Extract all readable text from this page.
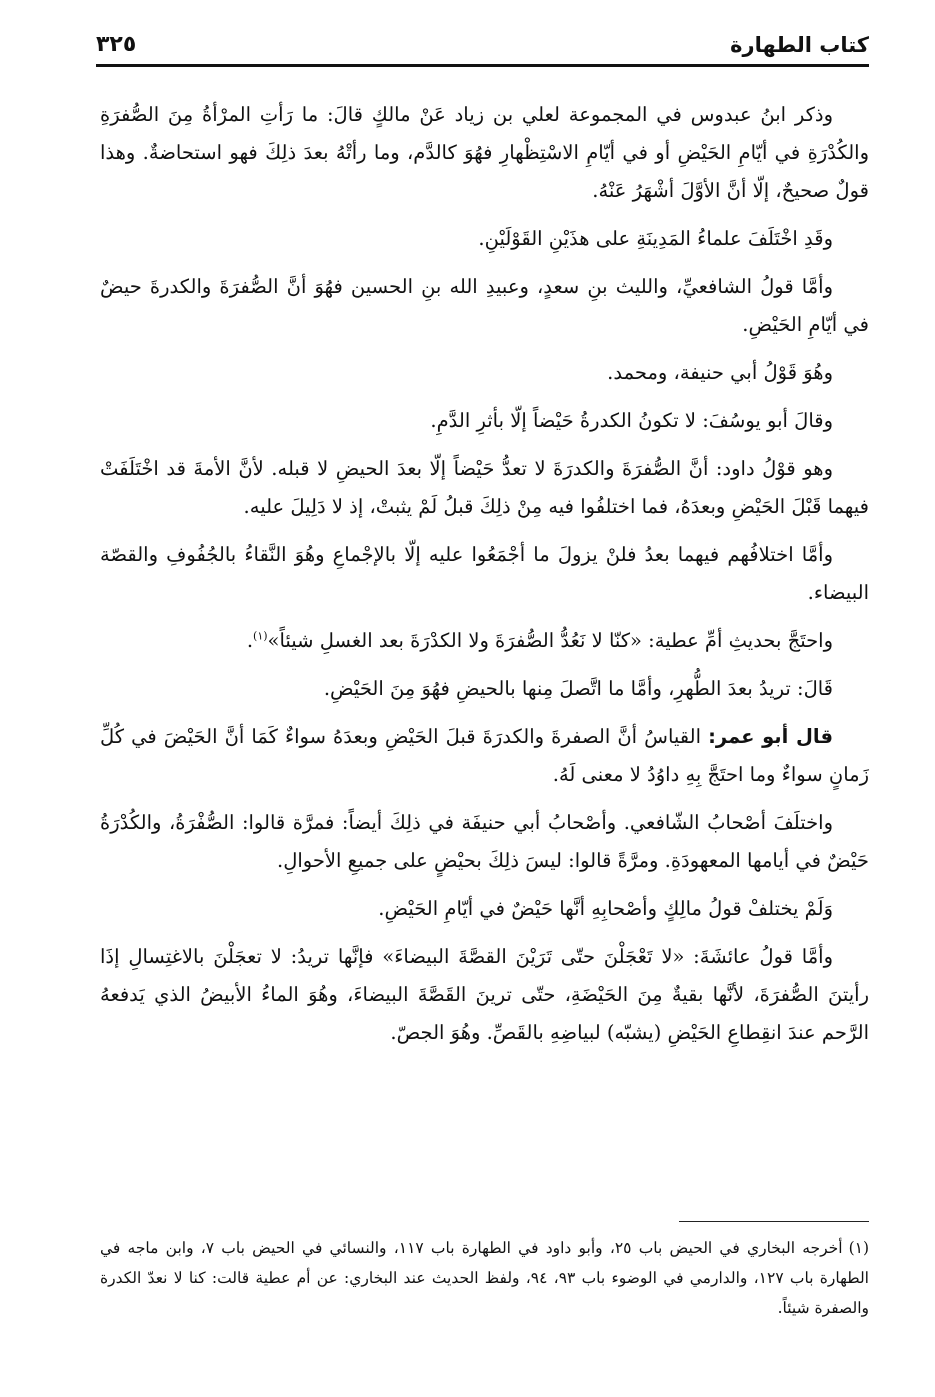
كتاب الطهارة
٣٢٥

وذكر ابنُ عبدوس في المجموعة لعلي بن زياد عَنْ مالكٍ قالَ: ما رَأتِ المرْأةُ مِنَ الصُّفرَةِ والكُدْرَةِ في أيّامِ الحَيْضِ أو في أيّامِ الاسْتِظْهارِ فهُوَ كالدَّم، وما رأتْهُ بعدَ ذلِكَ فهو استحاضةٌ. وهذا قولٌ صحيحٌ، إلّا أنَّ الأوَّلَ أشْهَرُ عَنْهُ.

وقَدِ اخْتَلَفَ علماءُ المَدِينَةِ على هذَيْنِ القَوْلَيْنِ.

وأمَّا قولُ الشافعيِّ، والليث بنِ سعدٍ، وعبيدِ الله بنِ الحسين فهُوَ أنَّ الصُّفرَةَ والكدرةَ حيضٌ في أيّامِ الحَيْضِ.

وهُوَ قَوْلُ أبي حنيفة، ومحمد.

وقالَ أبو يوسُفَ: لا تكونُ الكدرةُ حَيْضاً إلّا بأثرِ الدَّمِ.

وهو قوْلُ داود: أنَّ الصُّفرَةَ والكدرَةَ لا تعدُّ حَيْضاً إلّا بعدَ الحيضِ لا قبله. لأنَّ الأمةَ قد اخْتَلَفَتْ فيهما قَبْلَ الحَيْضِ وبعدَهُ، فما اختلفُوا فيه مِنْ ذلِكَ قبلُ لَمْ يثبتْ، إذ لا دَلِيلَ عليه.

وأمَّا اختلافُهم فيهما بعدُ فلنْ يزولَ ما أجْمَعُوا عليه إلّا بالإجْماعِ وهُوَ النَّقاءُ بالجُفُوفِ والقصّة البيضاء.

واحتَجَّ بحديثِ أمِّ عطية: «كنّا لا نَعُدُّ الصُّفرَةَ ولا الكدْرَةَ بعد الغسلِ شيئاً»$^{(١)}$.

قَالَ: تريدُ بعدَ الطُّهرِ، وأمَّا ما اتَّصلَ مِنها بالحيضِ فهُوَ مِنَ الحَيْضِ.

قال أبو عمر: القياسُ أنَّ الصفرةَ والكدرَةَ قبلَ الحَيْضِ وبعدَهُ سواءٌ كَمَا أنَّ الحَيْضَ في كُلِّ زَمانٍ سواءٌ وما احتَجَّ بِهِ داوُدُ لا معنى لَهُ.

واختلَفَ أصْحابُ الشّافعي. وأصْحابُ أبي حنيفَة في ذلِكَ أيضاً: فمرَّة قالوا: الصُّفْرَةُ، والكُدْرَةُ حَيْضٌ في أيامها المعهودَةِ. ومرَّةً قالوا: ليسَ ذلِكَ بحيْضٍ على جميعِ الأحوالِ.

وَلَمْ يختلفْ قولُ مالِكٍ وأصْحابِهِ أنَّها حَيْضٌ في أيّامِ الحَيْضِ.

وأمَّا قولُ عائشَةَ: «لا تَعْجَلْنَ حتّى تَرَيْنَ القصَّةَ البيضاءَ» فإنَّها تريدُ: لا تعجَلْنَ بالاغتِسالِ إذَا رأيتنَ الصُّفرَةَ، لأنَّها بقيةٌ مِنَ الحَيْضَةِ، حتّى ترينَ القَصَّةَ البيضاءَ، وهُوَ الماءُ الأبيضُ الذي يَدفعهُ الرَّحم عندَ انقِطاعِ الحَيْضِ (يشبّه) لبياضِهِ بالقَصِّ. وهُوَ الجصّ.

(١)أخرجه البخاري في الحيض باب ٢٥، وأبو داود في الطهارة باب ١١٧، والنسائي في الحيض باب ٧، وابن ماجه في الطهارة باب ١٢٧، والدارمي في الوضوء باب ٩٣، ٩٤، ولفظ الحديث عند البخاري: عن أم عطية قالت: كنا لا نعدّ الكدرة والصفرة شيئاً.
